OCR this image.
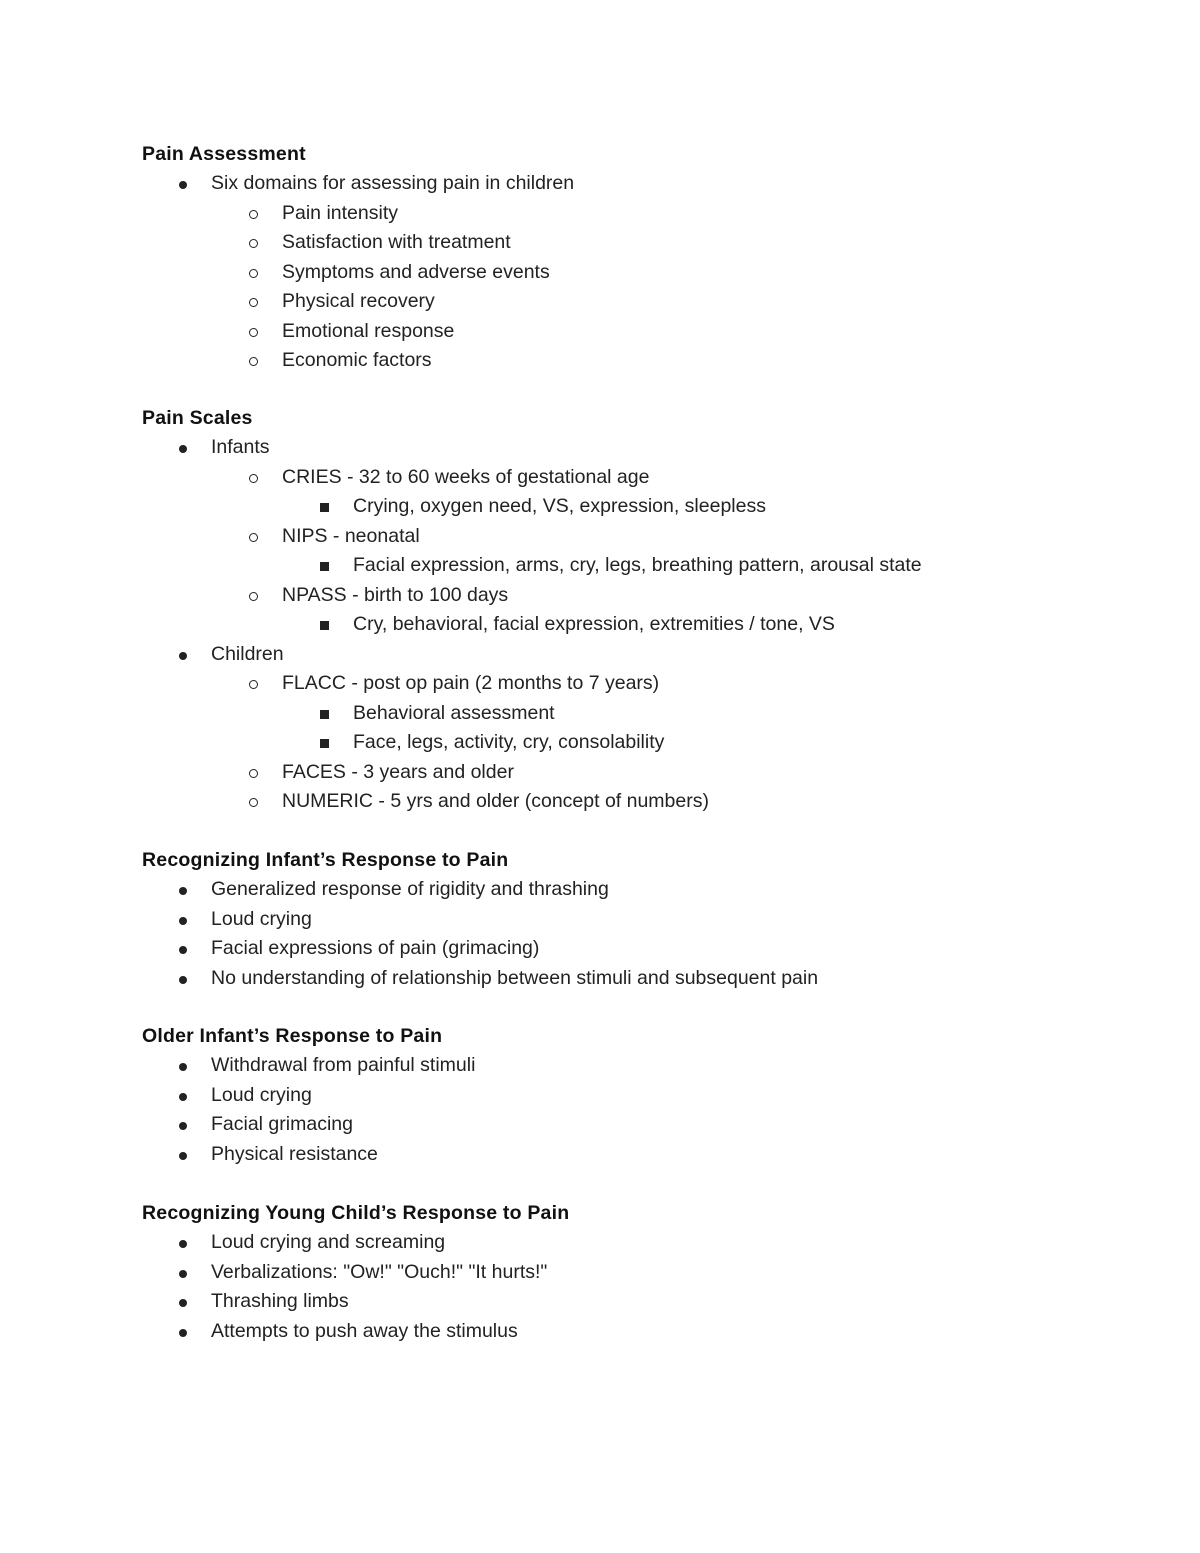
Pain Assessment
Six domains for assessing pain in children
Pain intensity
Satisfaction with treatment
Symptoms and adverse events
Physical recovery
Emotional response
Economic factors
Pain Scales
Infants
CRIES - 32 to 60 weeks of gestational age
Crying, oxygen need, VS, expression, sleepless
NIPS - neonatal
Facial expression, arms, cry, legs, breathing pattern, arousal state
NPASS - birth to 100 days
Cry, behavioral, facial expression, extremities / tone, VS
Children
FLACC - post op pain (2 months to 7 years)
Behavioral assessment
Face, legs, activity, cry, consolability
FACES - 3 years and older
NUMERIC - 5 yrs and older (concept of numbers)
Recognizing Infant’s Response to Pain
Generalized response of rigidity and thrashing
Loud crying
Facial expressions of pain (grimacing)
No understanding of relationship between stimuli and subsequent pain
Older Infant’s Response to Pain
Withdrawal from painful stimuli
Loud crying
Facial grimacing
Physical resistance
Recognizing Young Child’s Response to Pain
Loud crying and screaming
Verbalizations: "Ow!" "Ouch!" "It hurts!"
Thrashing limbs
Attempts to push away the stimulus
